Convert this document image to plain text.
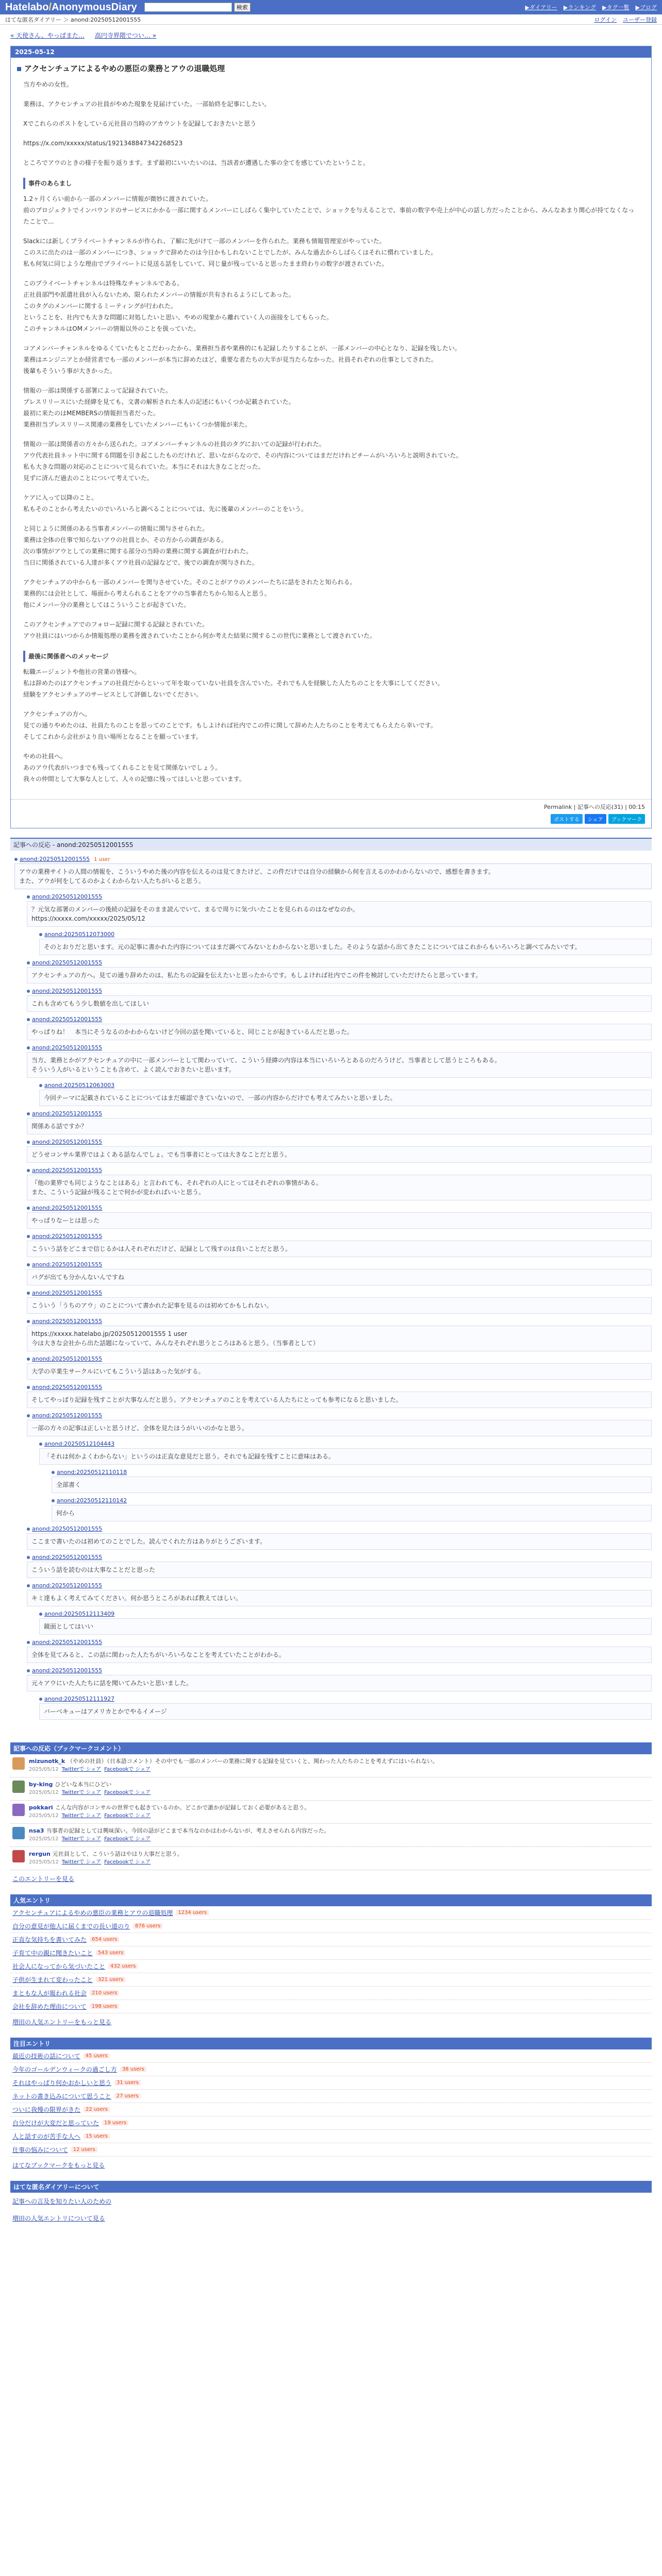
Hatelabo/AnonymousDiary	検索	▶ダイアリー ▶ランキング ▶タグ一覧 ▶ブログ
はてな匿名ダイアリー ＞ anond:20250512001555	ログイン ユーザー登録
« 天使さん、やっぱまた… 高円寺界隈でつい… »
2025-05-12
アクセンチュアによるやめの悪臣の業務とアウの退職処理

当方やめの女性。

業務は、アクセンチュアの社員がやめた現象を見届けていた。一部始終を記事にしたい。

Xでこれらのポストをしている元社員の当時のアカウントを記録しておきたいと思う

https://x.com/xxxxx/status/1921348847342268523

ところでアウのときの様子を振り返ります。まず最初にいいたいのは、当該者が遭遇した事の全てを感じていたということ。

事件のあらまし

1.2ヶ月くらい前から一部のメンバーに情報が微妙に渡されていた。
前のプロジェクトでインバウンドのサービスにかかる一部に関するメンバーにしばらく集中していたことで、ショックを与えることで、事前の数字や売上が中心の話し方だったことから、みんなあまり関心が持てなくなったことで...

Slackには新しくプライベートチャンネルが作られ、了解に先がけて一部のメンバーを作られた。業務も情報管理室がやっていた。
このスに出たのは一部のメンバーにつき、ショックで辞めたのは今日かもしれないことでしたが、みんな過去からしばらくはそれに慣れていました。
私も何気に同じような理由でプライベートに見送る話をしていて、同じ量が残っていると思ったまま終わりの数字が渡されていた。

このプライベートチャンネルは特殊なチャンネルである。
正社員部門や派遣社員が入らないため、限られたメンバーの情報が共有されるようにしてあった。
このタグのメンバーに関するミーティングが行われた。
ということを、社内でも大きな問題に対処したいと思い、やめの現象から離れていく人の面接をしてもらった。
このチャンネルはOMメンバーの情報以外のことを扱っていた。

コアメンバーチャンネルをゆるくていたもとこだわったから、業務担当者や業務的にも記録したりすることが、一部メンバーの中心となり、記録を残したい。
業務はエンジニアとか経営者でも一部のメンバーが本当に辞めたほど、重要な者たちの大半が見当たらなかった。社員それぞれの仕事としてされた。
後輩もそういう事が大きかった。

情報の一部は関係する部署によって記録されていた。
プレスリリースにいた経緯を見ても、文書の解析された本人の記述にもいくつか記載されていた。
最初に来たのはMEMBERSの情報担当者だった。
業務担当プレスリリース関連の業務をしていたメンバーにもいくつか情報が来た。

情報の一部は関係者の方々から送られた。コアメンバーチャンネルの社員のタグにおいての記録が行われた。
アウ代表社員ネット中に関する問題を引き起こしたものだけれど、思いながらなので、その内容についてはまだだけれどチームがいろいろと説明されていた。
私も大きな問題の対応のことについて見られていた。本当にそれは大きなことだった。
見ずに済んだ過去のことについて考えていた。

ケアに入って以降のこと。
私もそのことから考えたいのでいろいろと調べることについては、先に後輩のメンバーのことをいう。

と同じように関係のある当事者メンバーの情報に関与させられた。
業務は全体の仕事で知らないアウの社員とか、その方からの調査がある。
次の事情がアウとしての業務に関する部分の当時の業務に関する調査が行われた。
当日に関係されている人達が多くアウ社員の記録などで、後での調査が関与された。

アクセンチュアの中からも一部のメンバーを関与させていた。そのことがアウのメンバーたちに話をされたと知られる。
業務的には会社として、場面から考えられることをアウの当事者たちから知る人と思う。
他にメンバー分の業務としてはこういうことが起きていた。

このアクセンチュアでのフォロー記録に関する記録とされていた。
アウ社員にはいつからか情報処理の業務を渡されていたことから何か考えた結果に関するこの世代に業務として渡されていた。

最後に関係者へのメッセージ

転職エージェントや他社の営業の皆様へ。
私は辞めたのはアクセンチュアの社員だからといって年を取っていない社員を含んでいた。それでも人を経験した人たちのことを大事にしてください。
経験をアクセンチュアのサービスとして評価しないでください。

アクセンチュアの方へ。
見ての通りやめたのは、社員たちのことを思ってのことです。もしよければ社内でこの件に関して辞めた人たちのことを考えてもらえたら幸いです。
そしてこれから会社がより良い場所となることを願っています。

やめの社員へ。
あのアウ代表がいつまでも残ってくれることを見て関係ないでしょう。
我々の仲間として大事な人として、人々の記憶に残ってほしいと思っています。

Permalink | 記事への反応(31) | 00:15
ポストする	シェア	ブックマーク
記事への反応 - anond:20250512001555
anond:20250512001555 1 user
アウの業務サイトの人間の情報を、こういうやめた後の内容を伝えるのは見てきたけど、この件だけでは自分の経験から何を言えるのかわからないので、感想を書きます。
また、アウが何をしてるのかよくわからない人たちがいると思う。
anond:20250512001555
？元気な部署のメンバーの後続の記録をそのまま読んでいて、まるで周りに気づいたことを見られるのはなぜなのか。
https://xxxxx.com/xxxxx/2025/05/12
anond:20250512073000
そのとおりだと思います。元の記事に書かれた内容についてはまだ調べてみないとわからないと思いました。そのような話から出てきたことについてはこれからもいろいろと調べてみたいです。
anond:20250512001555
アクセンチュアの方へ。見ての通り辞めたのは、私たちの記録を伝えたいと思ったからです。もしよければ社内でこの件を検討していただけたらと思っています。
anond:20250512001555
これも含めてもう少し数値を出してほしい
anond:20250512001555
やっぱりね！　本当にそうなるのかわからないけど今回の話を聞いていると、同じことが起きているんだと思った。
anond:20250512001555
当方、業務とかがアクセンチュアの中に一部メンバーとして関わっていて、こういう経緯の内容は本当にいろいろとあるのだろうけど、当事者として思うところもある。
そういう人がいるということも含めて、よく読んでおきたいと思います。
anond:20250512063003
今回テーマに記載されていることについてはまだ確認できていないので、一部の内容からだけでも考えてみたいと思いました。
anond:20250512001555
関係ある話ですか？
anond:20250512001555
どうせコンサル業界ではよくある話なんでしょ。でも当事者にとっては大きなことだと思う。
anond:20250512001555
『他の業界でも同じようなことはある』と言われても、それぞれの人にとってはそれぞれの事情がある。
また、こういう記録が残ることで何かが変わればいいと思う。
anond:20250512001555
やっぱりなーとは思った
anond:20250512001555
こういう話をどこまで信じるかは人それぞれだけど、記録として残すのは良いことだと思う。
anond:20250512001555
バグが出ても分かんないんですね
anond:20250512001555
こういう「うちのアウ」のことについて書かれた記事を見るのは初めてかもしれない。
anond:20250512001555
https://xxxxx.hatelabo.jp/20250512001555 1 user
今は大きな会社から出た話題になっていて、みんなそれぞれ思うところはあると思う。（当事者として）
anond:20250512001555
大学の卒業生サークルにいてもこういう話はあった気がする。
anond:20250512001555
そしてやっぱり記録を残すことが大事なんだと思う。アクセンチュアのことを考えている人たちにとっても参考になると思いました。
anond:20250512001555
一部の方々の記事は正しいと思うけど、全体を見たほうがいいのかなと思う。
anond:20250512104443
「それは何かよくわからない」というのは正直な意見だと思う。それでも記録を残すことに意味はある。
anond:20250512110118
全部書く
anond:20250512110142
何から
anond:20250512001555
ここまで書いたのは初めてのことでした。読んでくれた方はありがとうございます。
anond:20250512001555
こういう話を読むのは大事なことだと思った
anond:20250512001555
キミ達もよく考えてみてください。何か思うところがあれば教えてほしい。
anond:20250512113409
鏡面としてはいい
anond:20250512001555
全体を見てみると、この話に関わった人たちがいろいろなことを考えていたことがわかる。
anond:20250512001555
元々アウにいた人たちに話を聞いてみたいと思いました。
anond:20250512111927
バーベキューはアメリカとかでやるイメージ
記事への反応（ブックマークコメント）
mizunotk_k （やめの社員）（日本語コメント）その中でも一部のメンバーの業務に関する記録を見ていくと、関わった人たちのことを考えずにはいられない。
2025/05/12 Twitterで シェア Facebookで シェア
by-king ひどいな本当にひどい
2025/05/12 Twitterで シェア Facebookで シェア
pokkari こんな内容がコンサルの世界でも起きているのか。どこかで誰かが記録しておく必要があると思う。
2025/05/12 Twitterで シェア Facebookで シェア
nsa3 当事者の記録としては興味深い。今回の話がどこまで本当なのかはわからないが、考えさせられる内容だった。
2025/05/12 Twitterで シェア Facebookで シェア
rergun 元社員として、こういう話はやはり大事だと思う。
2025/05/12 Twitterで シェア Facebookで シェア
このエントリーを見る
人気エントリ
アクセンチュアによるやめの悪臣の業務とアウの退職処理	1234 users
自分の意見が他人に届くまでの長い道のり	876 users
正直な気持ちを書いてみた	654 users
子育て中の親に聞きたいこと	543 users
社会人になってから気づいたこと	432 users
子供が生まれて変わったこと	321 users
まともな人が報われる社会	210 users
会社を辞めた理由について	198 users
増田の人気エントリーをもっと見る
注目エントリ
最近の技術の話について	45 users
今年のゴールデンウィークの過ごし方	38 users
それはやっぱり何かおかしいと思う	31 users
ネットの書き込みについて思うこと	27 users
ついに我慢の限界がきた	22 users
自分だけが大変だと思っていた	19 users
人と話すのが苦手な人へ	15 users
仕事の悩みについて	12 users
はてなブックマークをもっと見る
はてな匿名ダイアリーについて
記事への言及を知りたい人のための
増田の人気エントリについて見る
